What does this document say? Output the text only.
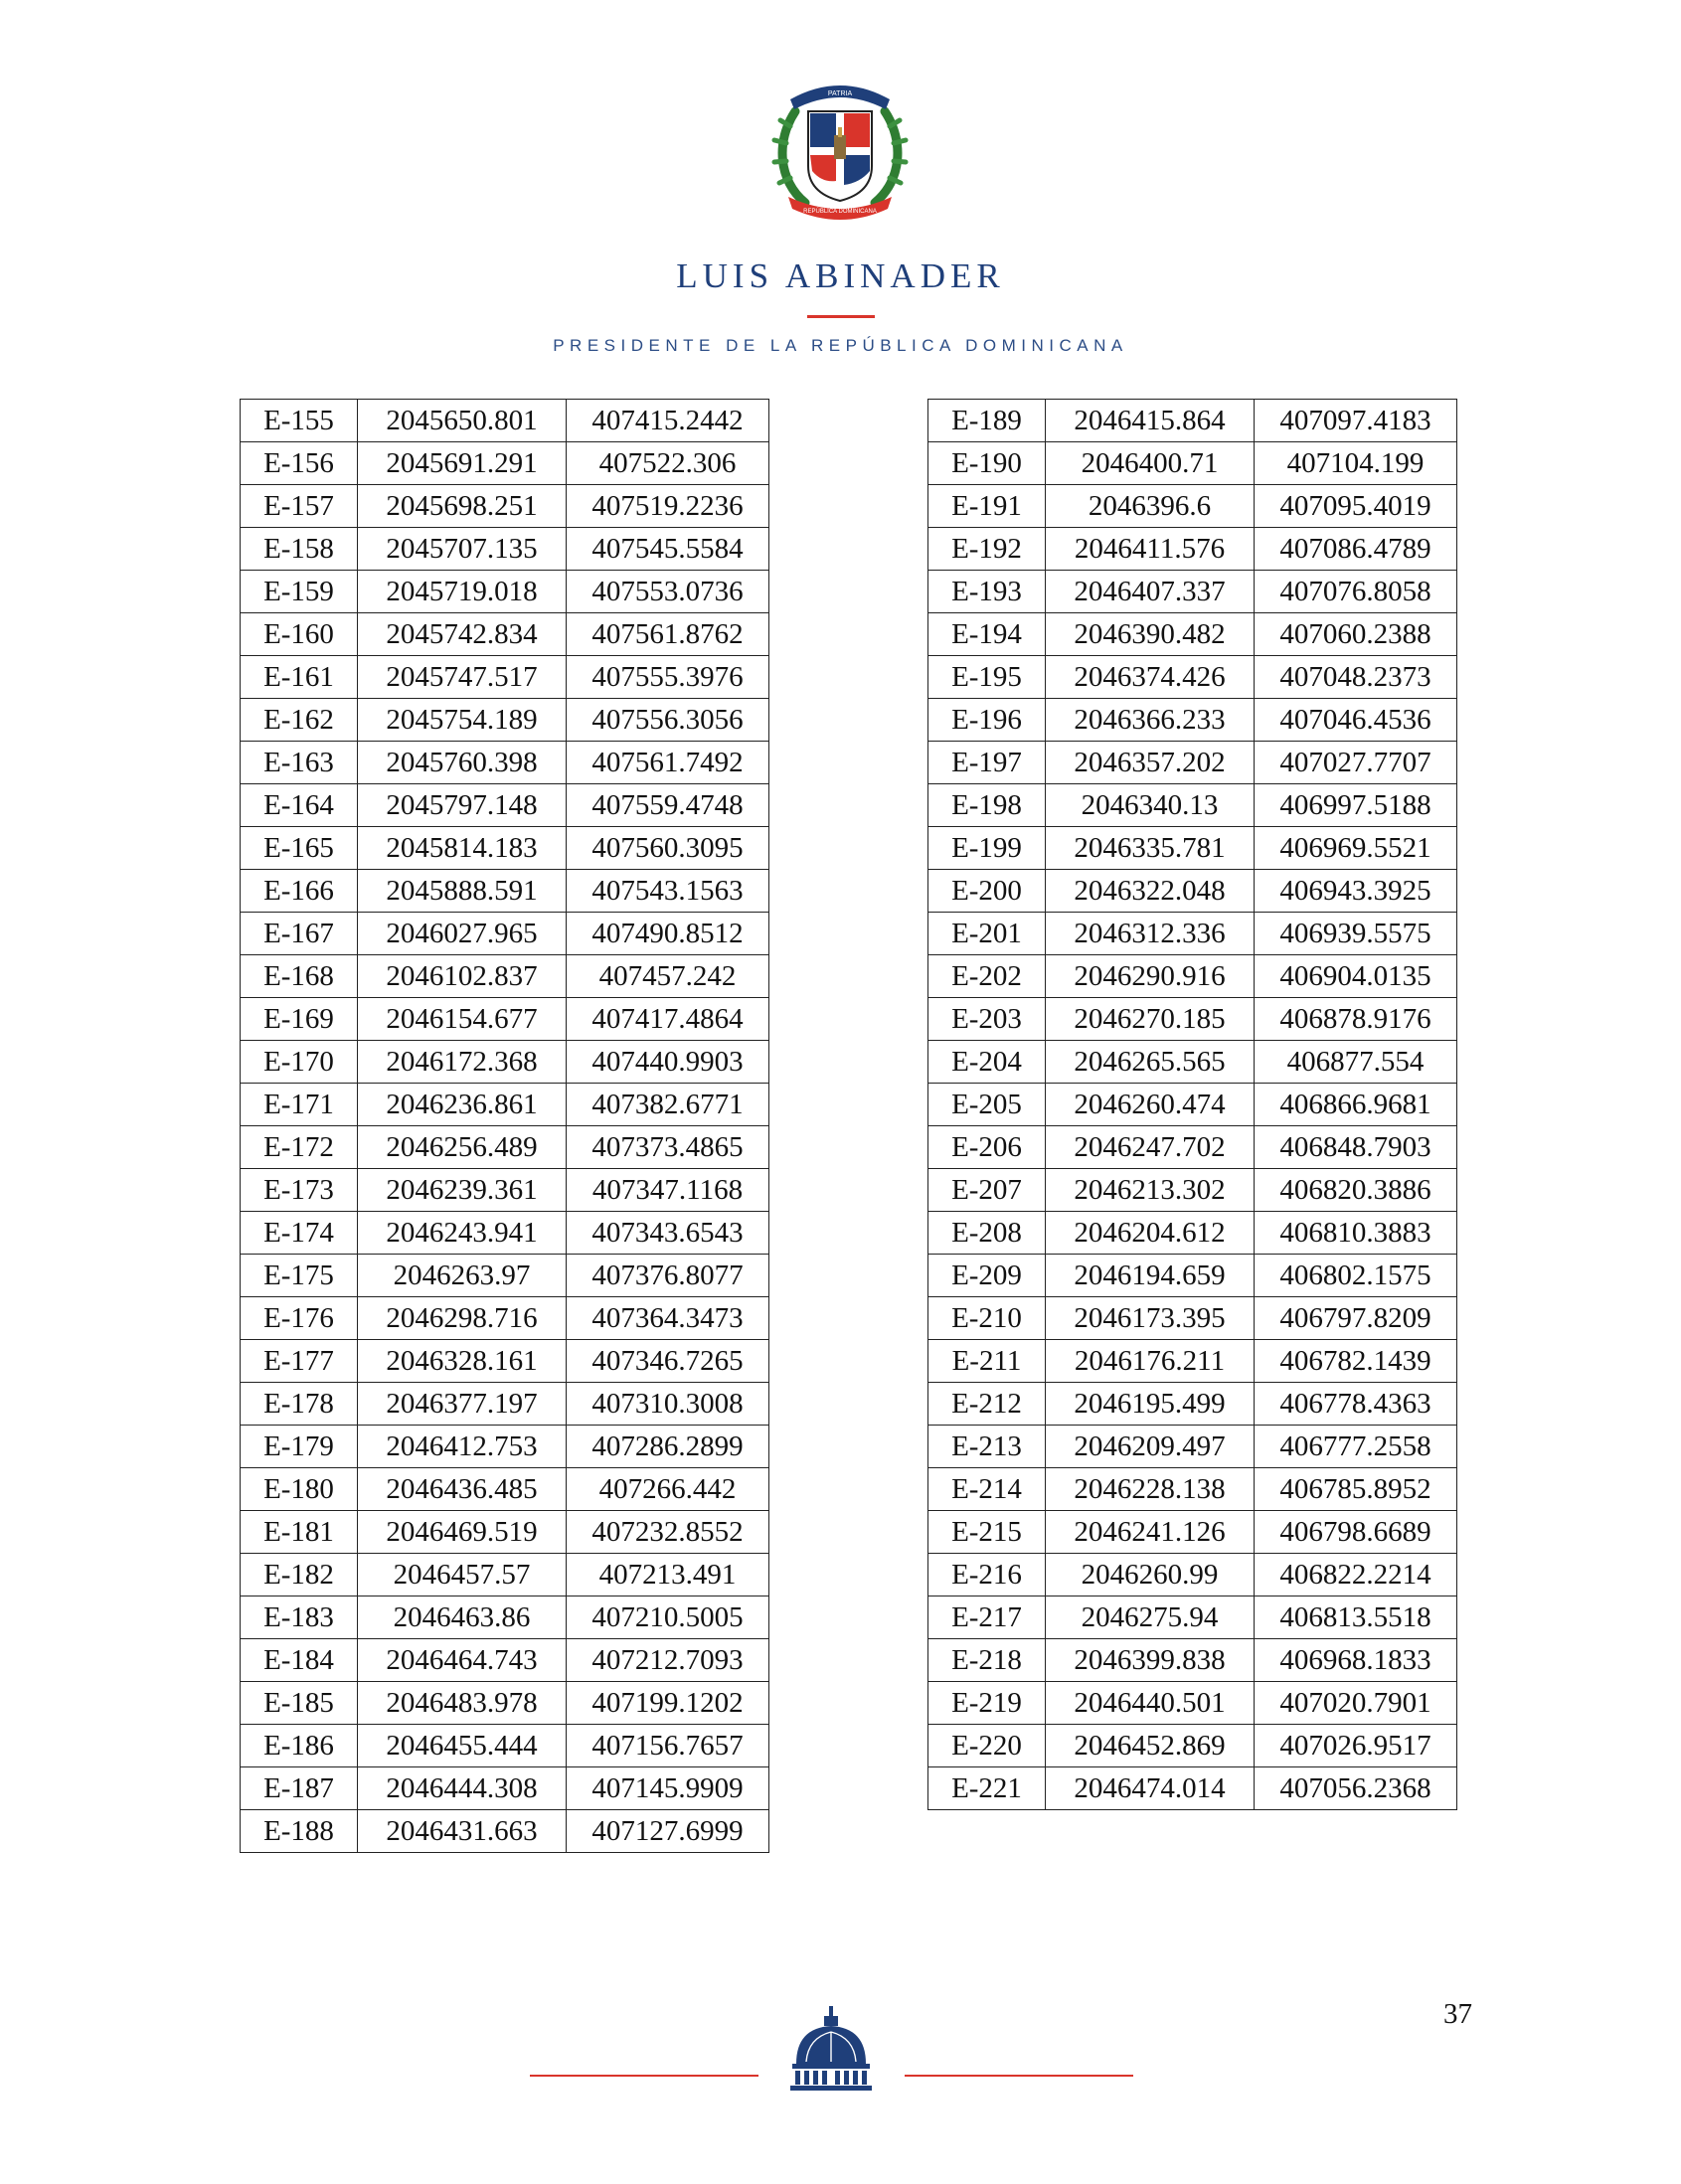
PATRIA
REPÚBLICA DOMINICANA
LUIS ABINADER
PRESIDENTE DE LA REPÚBLICA DOMINICANA
E-155	2045650.801	407415.2442
E-156	2045691.291	407522.306
E-157	2045698.251	407519.2236
E-158	2045707.135	407545.5584
E-159	2045719.018	407553.0736
E-160	2045742.834	407561.8762
E-161	2045747.517	407555.3976
E-162	2045754.189	407556.3056
E-163	2045760.398	407561.7492
E-164	2045797.148	407559.4748
E-165	2045814.183	407560.3095
E-166	2045888.591	407543.1563
E-167	2046027.965	407490.8512
E-168	2046102.837	407457.242
E-169	2046154.677	407417.4864
E-170	2046172.368	407440.9903
E-171	2046236.861	407382.6771
E-172	2046256.489	407373.4865
E-173	2046239.361	407347.1168
E-174	2046243.941	407343.6543
E-175	2046263.97	407376.8077
E-176	2046298.716	407364.3473
E-177	2046328.161	407346.7265
E-178	2046377.197	407310.3008
E-179	2046412.753	407286.2899
E-180	2046436.485	407266.442
E-181	2046469.519	407232.8552
E-182	2046457.57	407213.491
E-183	2046463.86	407210.5005
E-184	2046464.743	407212.7093
E-185	2046483.978	407199.1202
E-186	2046455.444	407156.7657
E-187	2046444.308	407145.9909
E-188	2046431.663	407127.6999
E-189	2046415.864	407097.4183
E-190	2046400.71	407104.199
E-191	2046396.6	407095.4019
E-192	2046411.576	407086.4789
E-193	2046407.337	407076.8058
E-194	2046390.482	407060.2388
E-195	2046374.426	407048.2373
E-196	2046366.233	407046.4536
E-197	2046357.202	407027.7707
E-198	2046340.13	406997.5188
E-199	2046335.781	406969.5521
E-200	2046322.048	406943.3925
E-201	2046312.336	406939.5575
E-202	2046290.916	406904.0135
E-203	2046270.185	406878.9176
E-204	2046265.565	406877.554
E-205	2046260.474	406866.9681
E-206	2046247.702	406848.7903
E-207	2046213.302	406820.3886
E-208	2046204.612	406810.3883
E-209	2046194.659	406802.1575
E-210	2046173.395	406797.8209
E-211	2046176.211	406782.1439
E-212	2046195.499	406778.4363
E-213	2046209.497	406777.2558
E-214	2046228.138	406785.8952
E-215	2046241.126	406798.6689
E-216	2046260.99	406822.2214
E-217	2046275.94	406813.5518
E-218	2046399.838	406968.1833
E-219	2046440.501	407020.7901
E-220	2046452.869	407026.9517
E-221	2046474.014	407056.2368
37
